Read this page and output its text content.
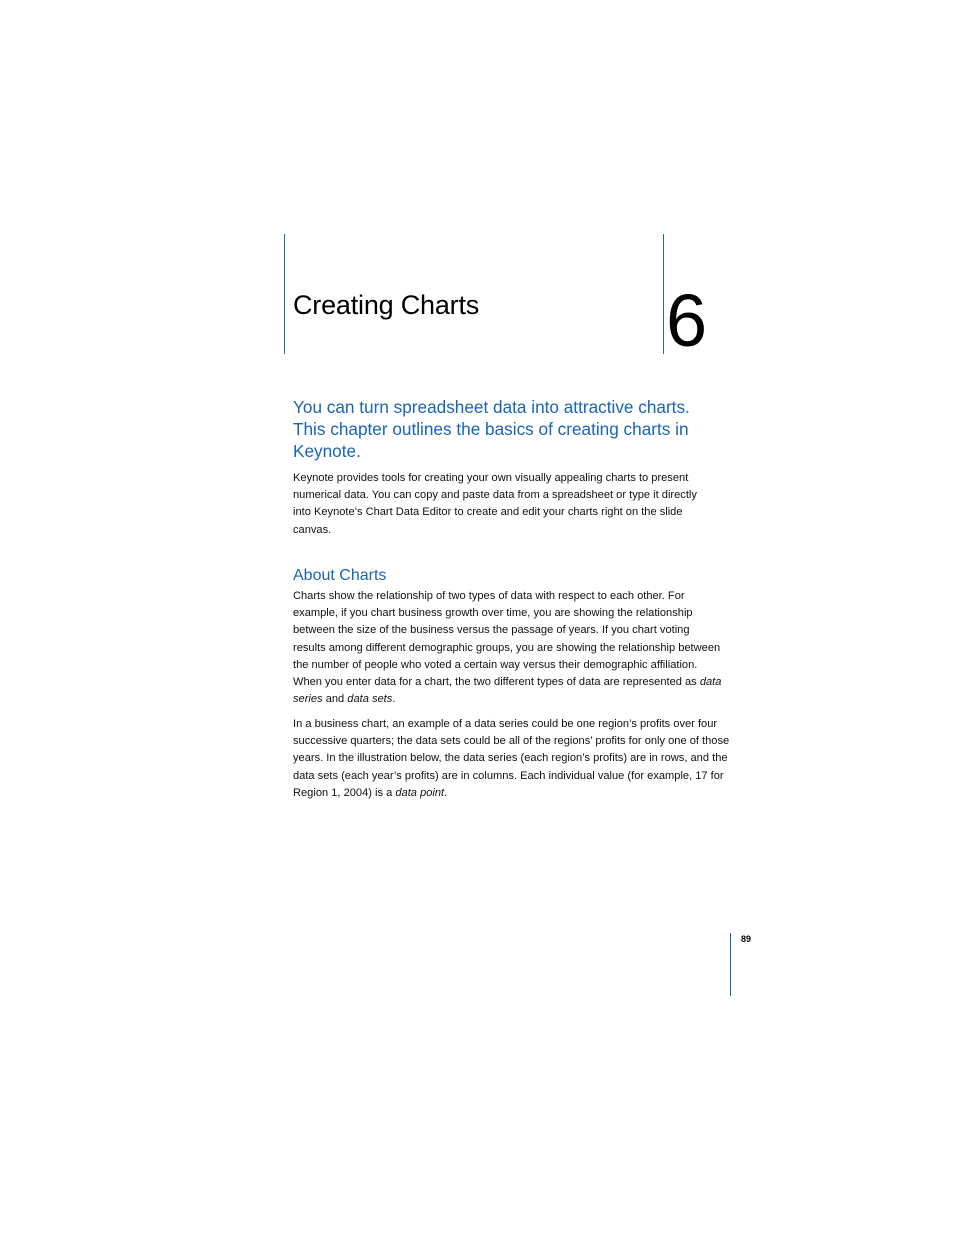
Creating Charts	6

You can turn spreadsheet data into attractive charts. This chapter outlines the basics of creating charts in Keynote.

Keynote provides tools for creating your own visually appealing charts to present numerical data. You can copy and paste data from a spreadsheet or type it directly into Keynote’s Chart Data Editor to create and edit your charts right on the slide canvas.

About Charts

Charts show the relationship of two types of data with respect to each other. For example, if you chart business growth over time, you are showing the relationship between the size of the business versus the passage of years. If you chart voting results among different demographic groups, you are showing the relationship between the number of people who voted a certain way versus their demographic affiliation. When you enter data for a chart, the two different types of data are represented as data series and data sets.

In a business chart, an example of a data series could be one region’s profits over four successive quarters; the data sets could be all of the regions’ profits for only one of those years. In the illustration below, the data series (each region’s profits) are in rows, and the data sets (each year’s profits) are in columns. Each individual value (for example, 17 for Region 1, 2004) is a data point.

89
